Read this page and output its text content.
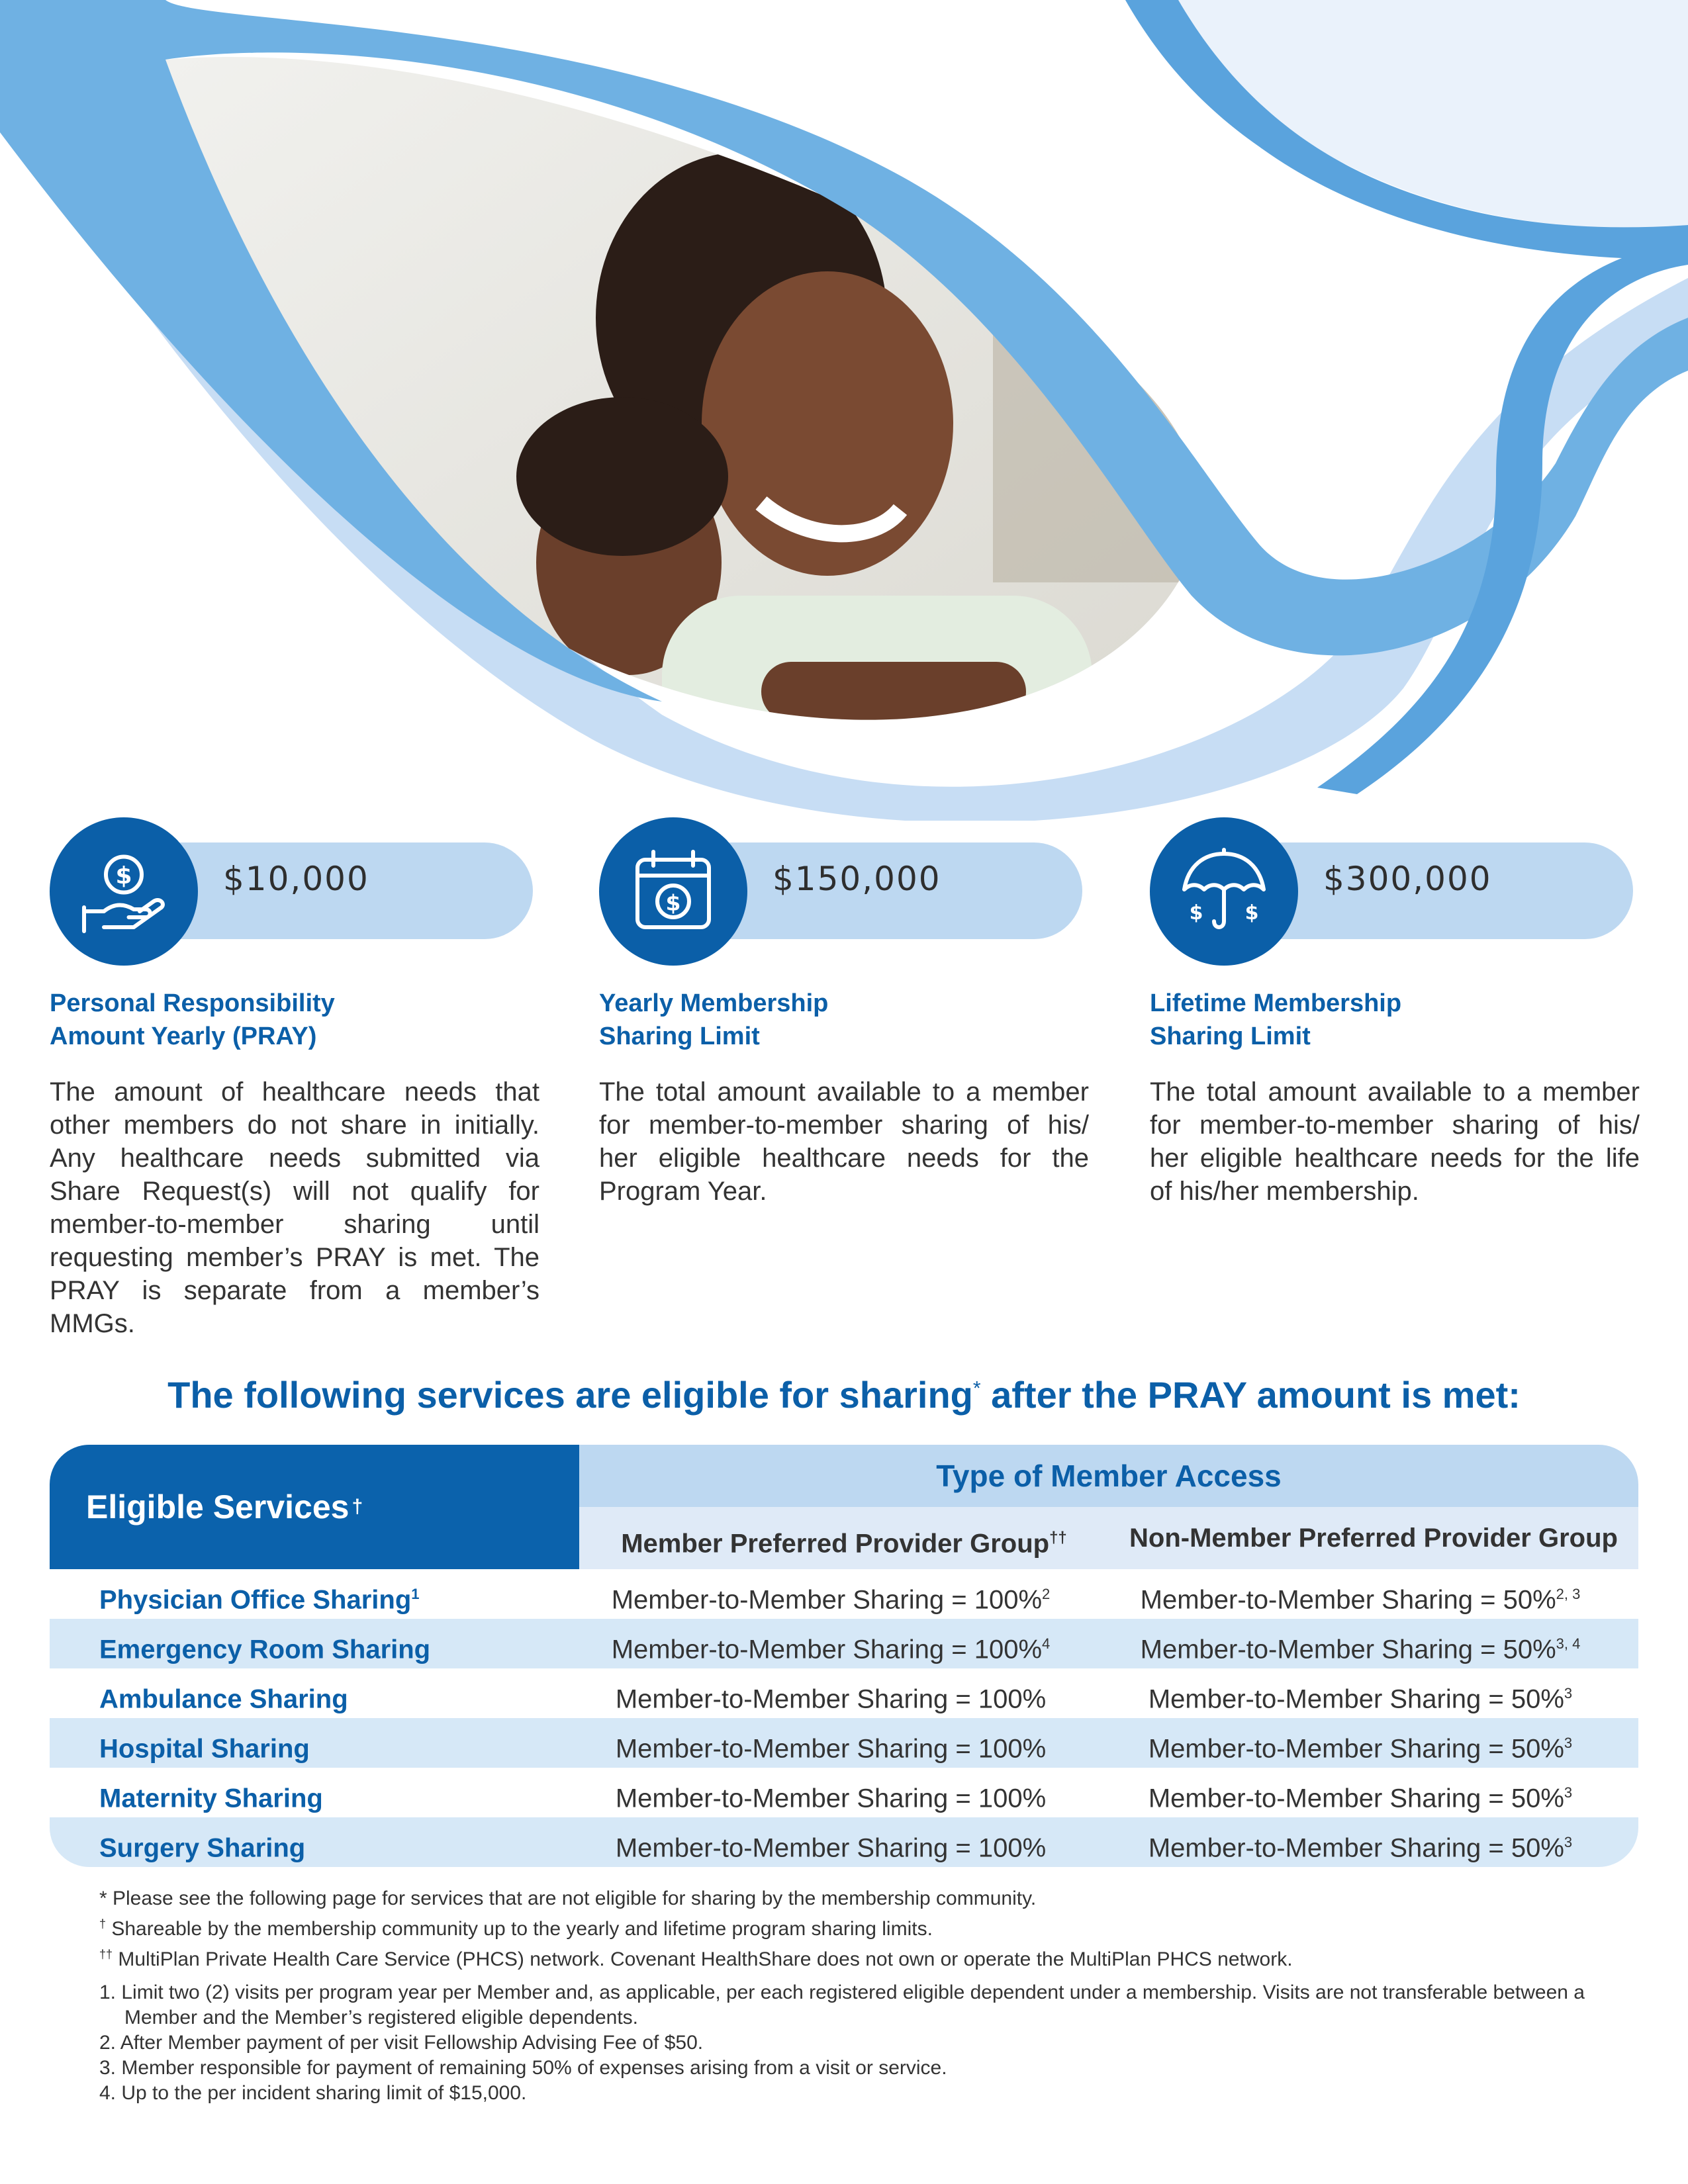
$10,000
$
Personal Responsibility
Amount Yearly (PRAY)

The amount of healthcare needs that other members do not share in initially. Any healthcare needs submitted via Share Request(s) will not qualify for member-to-member sharing until requesting member’s PRAY is met. The PRAY is separate from a member’s MMGs.

$150,000
$
Yearly Membership
Sharing Limit

The total amount available to a member for member-to-member sharing of his/ her eligible healthcare needs for the Program Year.

$300,000
$	$
Lifetime Membership
Sharing Limit

The total amount available to a member for member-to-member sharing of his/ her eligible healthcare needs for the life of his/her membership.

The following services are eligible for sharing* after the PRAY amount is met:
Eligible Services †
Type of Member Access
Member Preferred Provider Group††	Non-Member Preferred Provider Group
Physician Office Sharing$^1$	Member-to-Member Sharing = 100%$^2$	Member-to-Member Sharing = 50%$^{2, 3}$
Emergency Room Sharing	Member-to-Member Sharing = 100%$^4$	Member-to-Member Sharing = 50%$^{3, 4}$
Ambulance Sharing	Member-to-Member Sharing = 100%	Member-to-Member Sharing = 50%$^3$
Hospital Sharing	Member-to-Member Sharing = 100%	Member-to-Member Sharing = 50%$^3$
Maternity Sharing	Member-to-Member Sharing = 100%	Member-to-Member Sharing = 50%$^3$
Surgery Sharing	Member-to-Member Sharing = 100%	Member-to-Member Sharing = 50%$^3$

* Please see the following page for services that are not eligible for sharing by the membership community.

† Shareable by the membership community up to the yearly and lifetime program sharing limits.

†† MultiPlan Private Health Care Service (PHCS) network. Covenant HealthShare does not own or operate the MultiPlan PHCS network.

1. Limit two (2) visits per program year per Member and, as applicable, per each registered eligible dependent under a membership. Visits are not transferable between a Member and the Member’s registered eligible dependents.
2. After Member payment of per visit Fellowship Advising Fee of $50.
3. Member responsible for payment of remaining 50% of expenses arising from a visit or service.
4. Up to the per incident sharing limit of $15,000.
